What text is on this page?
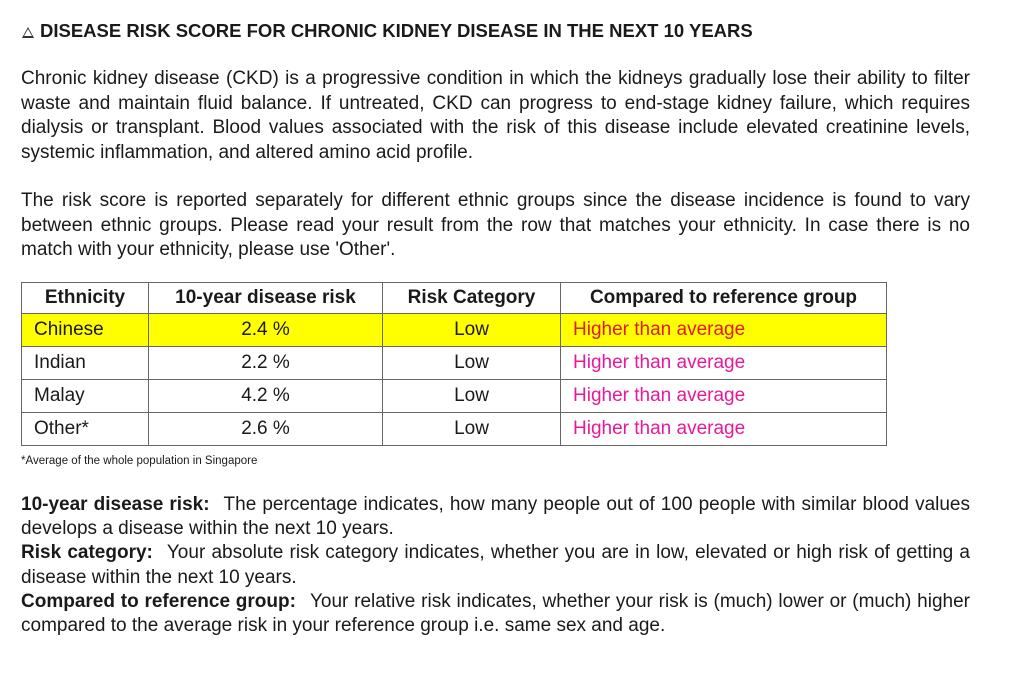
DISEASE RISK SCORE FOR CHRONIC KIDNEY DISEASE IN THE NEXT 10 YEARS

Chronic kidney disease (CKD) is a progressive condition in which the kidneys gradually lose their ability to filter waste and maintain fluid balance. If untreated, CKD can progress to end-stage kidney failure, which requires dialysis or transplant. Blood values associated with the risk of this disease include elevated creatinine levels, systemic inflammation, and altered amino acid profile.

The risk score is reported separately for different ethnic groups since the disease incidence is found to vary between ethnic groups. Please read your result from the row that matches your ethnicity. In case there is no match with your ethnicity, please use 'Other'.

Ethnicity	10-year disease risk	Risk Category	Compared to reference group
Chinese	2.4 %	Low	Higher than average
Indian	2.2 %	Low	Higher than average
Malay	4.2 %	Low	Higher than average
Other*	2.6 %	Low	Higher than average
*Average of the whole population in Singapore

10-year disease risk: The percentage indicates, how many people out of 100 people with similar blood values develops a disease within the next 10 years.
Risk category: Your absolute risk category indicates, whether you are in low, elevated or high risk of getting a disease within the next 10 years.
Compared to reference group: Your relative risk indicates, whether your risk is (much) lower or (much) higher compared to the average risk in your reference group i.e. same sex and age.
